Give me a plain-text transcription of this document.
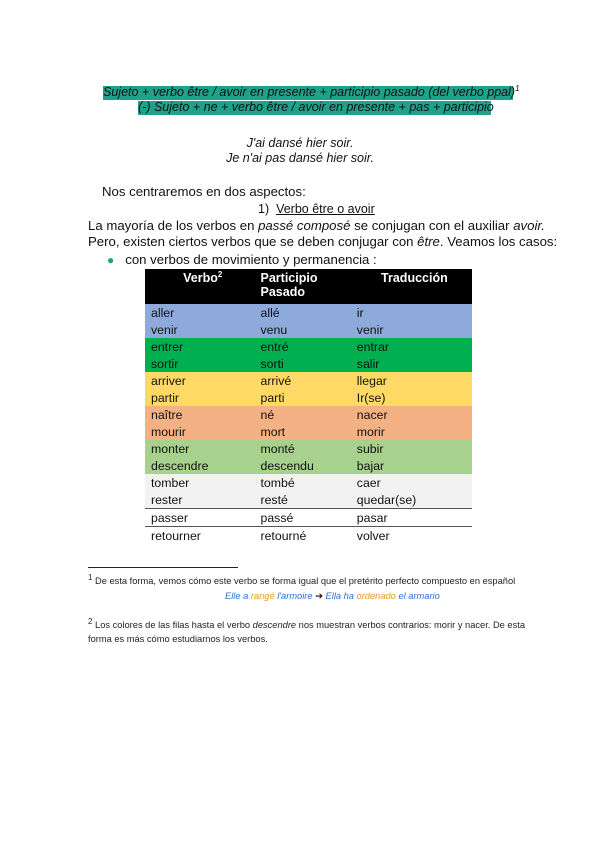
Sujeto + verbo être / avoir en presente + participio pasado (del verbo ppal)$^1$
(-) Sujeto + ne + verbo être / avoir en presente + pas + participio
J'ai dansé hier soir.
Je n'ai pas dansé hier soir.
Nos centraremos en dos aspectos:
1) Verbo être o avoir
La mayoría de los verbos en passé composé se conjugan con el auxiliar avoir.
Pero, existen ciertos verbos que se deben conjugar con être. Veamos los casos:
● con verbos de movimiento y permanencia :
Verbo$^2$	Participio Pasado	Traducción
aller	allé	ir
venir	venu	venir
entrer	entré	entrar
sortir	sorti	salir
arriver	arrivé	llegar
partir	parti	Ir(se)
naître	né	nacer
mourir	mort	morir
monter	monté	subir
descendre	descendu	bajar
tomber	tombé	caer
rester	resté	quedar(se)
passer	passé	pasar
retourner	retourné	volver
$^1$ De esta forma, vemos cómo este verbo se forma igual que el pretérito perfecto compuesto en español
Elle a rangé l'armoire ➔ Ella ha ordenado el armario
$^2$ Los colores de las filas hasta el verbo descendre nos muestran verbos contrarios: morir y nacer. De esta
forma es más cómo estudiarnos los verbos.
